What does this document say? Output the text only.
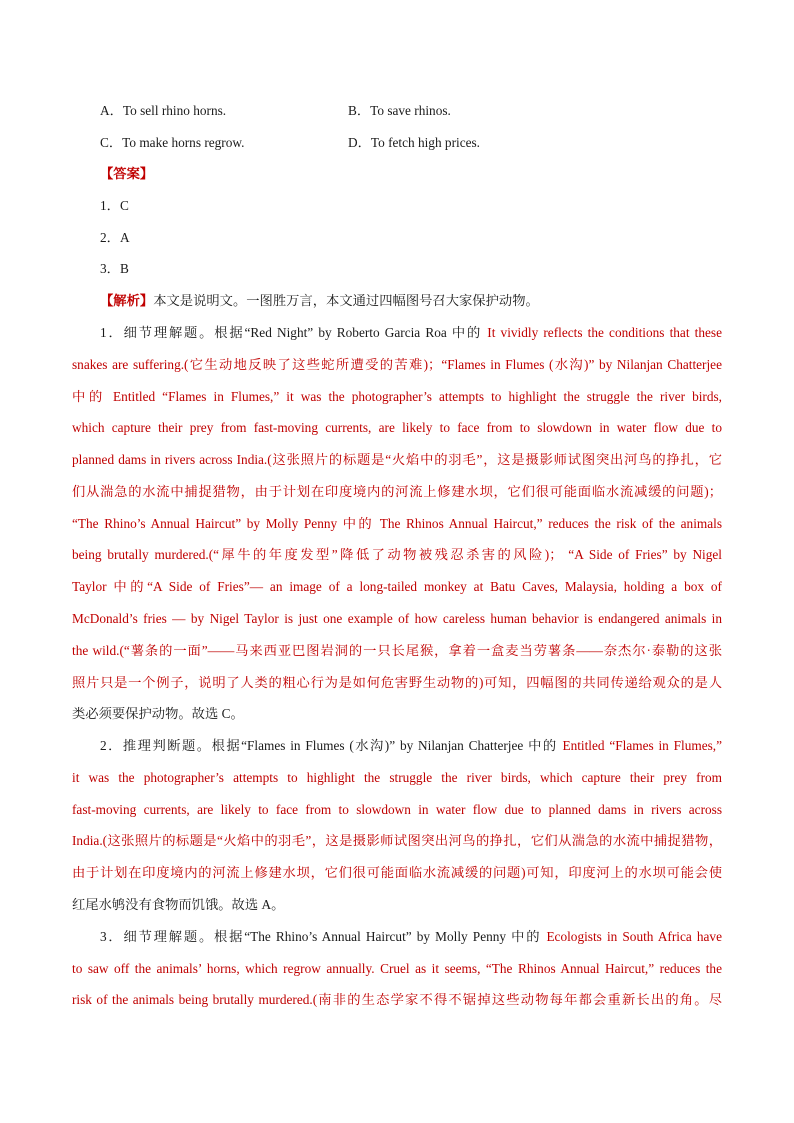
A．To sell rhino horns.	B．To save rhinos.
C．To make horns regrow.	D．To fetch high prices.
【答案】
1．C
2．A
3．B
【解析】本文是说明文。一图胜万言，本文通过四幅图号召大家保护动物。
1．细节理解题。根据“Red Night” by Roberto Garcia Roa 中的 It vividly reflects the conditions that these
snakes are suffering.(它生动地反映了这些蛇所遭受的苦难)；“Flames in Flumes (水沟)” by Nilanjan Chatterjee
中的 Entitled “Flames in Flumes,” it was the photographer’s attempts to highlight the struggle the river birds,
which capture their prey from fast-moving currents, are likely to face from to slowdown in water flow due to
planned dams in rivers across India.(这张照片的标题是“火焰中的羽毛”，这是摄影师试图突出河鸟的挣扎，它
们从湍急的水流中捕捉猎物，由于计划在印度境内的河流上修建水坝，它们很可能面临水流减缓的问题)；
“The Rhino’s Annual Haircut” by Molly Penny 中的 The Rhinos Annual Haircut,” reduces the risk of the animals
being brutally murdered.(“犀牛的年度发型”降低了动物被残忍杀害的风险)； “A Side of Fries” by Nigel
Taylor 中的“A Side of Fries”— an image of a long-tailed monkey at Batu Caves, Malaysia, holding a box of
McDonald’s fries — by Nigel Taylor is just one example of how careless human behavior is endangered animals in
the wild.(“薯条的一面”——马来西亚巴图岩洞的一只长尾猴，拿着一盒麦当劳薯条——奈杰尔·泰勒的这张
照片只是一个例子，说明了人类的粗心行为是如何危害野生动物的)可知，四幅图的共同传递给观众的是人
类必须要保护动物。故选 C。
2．推理判断题。根据“Flames in Flumes (水沟)” by Nilanjan Chatterjee 中的 Entitled “Flames in Flumes,”
it was the photographer’s attempts to highlight the struggle the river birds, which capture their prey from
fast-moving currents, are likely to face from to slowdown in water flow due to planned dams in rivers across
India.(这张照片的标题是“火焰中的羽毛”，这是摄影师试图突出河鸟的挣扎，它们从湍急的水流中捕捉猎物，
由于计划在印度境内的河流上修建水坝，它们很可能面临水流减缓的问题)可知，印度河上的水坝可能会使
红尾水鸲没有食物而饥饿。故选 A。
3．细节理解题。根据“The Rhino’s Annual Haircut” by Molly Penny 中的 Ecologists in South Africa have
to saw off the animals’ horns, which regrow annually. Cruel as it seems, “The Rhinos Annual Haircut,” reduces the
risk of the animals being brutally murdered.(南非的生态学家不得不锯掉这些动物每年都会重新长出的角。尽
